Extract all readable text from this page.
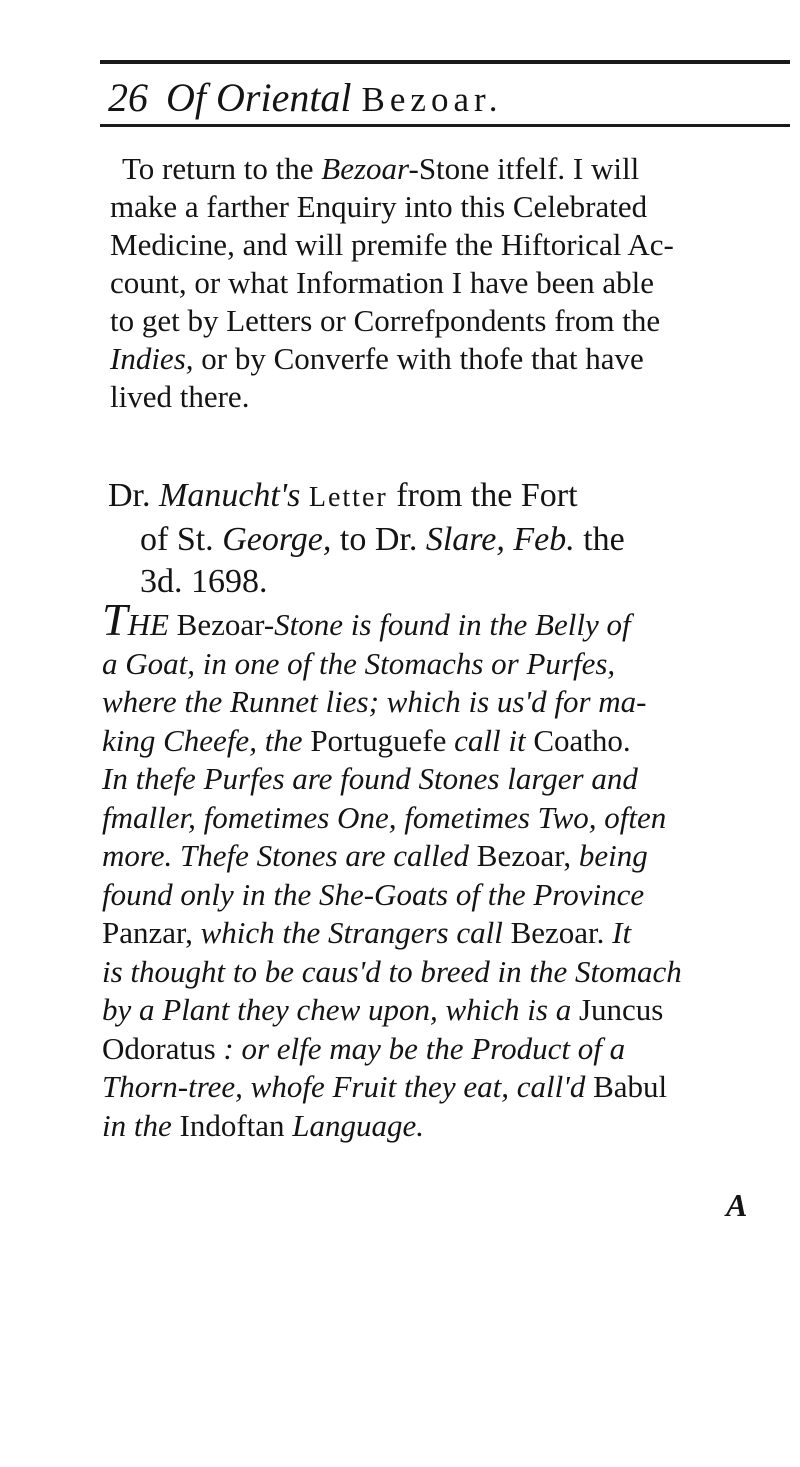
26 Of Oriental Bezoar.
To return to the Bezoar-Stone itfelf. I will
make a farther Enquiry into this Celebrated
Medicine, and will premife the Hiftorical Ac-
count, or what Information I have been able
to get by Letters or Correfpondents from the
Indies, or by Converfe with thofe that have
lived there.
Dr. Manucht's Letter from the Fort
of St. George, to Dr. Slare, Feb. the
3d. 1698.
THE Bezoar-Stone is found in the Belly of
a Goat, in one of the Stomachs or Purfes,
where the Runnet lies; which is us'd for ma-
king Cheefe, the Portuguefe call it Coatho.
In thefe Purfes are found Stones larger and
fmaller, fometimes One, fometimes Two, often
more. Thefe Stones are called Bezoar, being
found only in the She-Goats of the Province
Panzar, which the Strangers call Bezoar. It
is thought to be caus'd to breed in the Stomach
by a Plant they chew upon, which is a Juncus
Odoratus : or elfe may be the Product of a
Thorn-tree, whofe Fruit they eat, call'd Babul
in the Indoftan Language.
A
